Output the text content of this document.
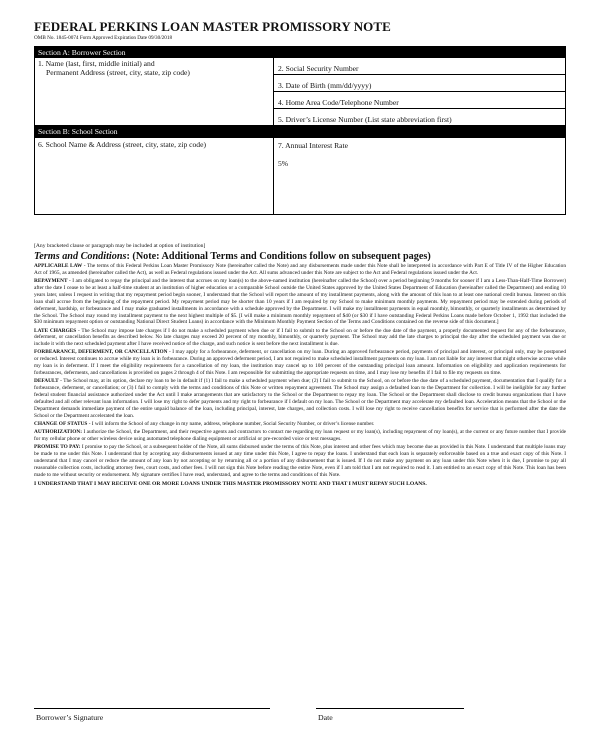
FEDERAL PERKINS LOAN MASTER PROMISSORY NOTE
OMB No. 1845-0074 Form Approved Expiration Date 09/30/2018
Section A: Borrower Section
1. Name (last, first, middle initial) and
Permanent Address (street, city, state, zip code)	2. Social Security Number
3. Date of Birth (mm/dd/yyyy)
4. Home Area Code/Telephone Number
5. Driver’s License Number (List state abbreviation first)
Section B: School Section
6. School Name & Address (street, city, state, zip code)	7. Annual Interest Rate
5%
[Any bracketed clause or paragraph may be included at option of institution]
Terms and Conditions: (Note: Additional Terms and Conditions follow on subsequent pages)
APPLICABLE LAW - The terms of this Federal Perkins Loan Master Promissory Note (hereinafter called the Note) and any disbursements made under this Note shall be interpreted in accordance with Part E of Title IV of the Higher Education Act of 1965, as amended (hereinafter called the Act), as well as Federal regulations issued under the Act. All sums advanced under this Note are subject to the Act and Federal regulations issued under the Act.
REPAYMENT - I am obligated to repay the principal and the interest that accrues on my loan(s) to the above-named institution (hereinafter called the School) over a period beginning 9 months for sooner if I am a Less-Than-Half-Time Borrower) after the date I cease to be at least a half-time student at an institution of higher education or a comparable School outside the United States approved by the United States Department of Education (hereinafter called the Department) and ending 10 years later, unless I request in writing that my repayment period begin sooner, I understand that the School will report the amount of my installment payments, along with the amount of this loan to at least one national credit bureau. Interest on this loan shall accrue from the beginning of the repayment period. My repayment period may be shorter than 10 years if I am required by my School to make minimum monthly payments. My repayment period may be extended during periods of deferment, hardship, or forbearance and I may make graduated installments in accordance with a schedule approved by the Department. I will make my installment payments in equal monthly, bimonthly, or quarterly installments as determined by the School. The School may round my installment payment to the next highest multiple of $5. [I will make a minimum monthly repayment of $40 (or $30 if I have outstanding Federal Perkins Loans made before October 1, 1992 that included the $30 minimum repayment option or outstanding National Direct Student Loans) in accordance with the Minimum Monthly Payment Section of the Terms and Conditions contained on the reverse side of this document.]
LATE CHARGES - The School may impose late charges if I do not make a scheduled payment when due or if I fail to submit to the School on or before the due date of the payment, a properly documented request for any of the forbearance, deferment, or cancellation benefits as described below. No late charges may exceed 20 percent of my monthly, bimonthly, or quarterly payment. The School may add the late charges to principal the day after the scheduled payment was due or include it with the next scheduled payment after I have received notice of the charge, and such notice is sent before the next installment is due.
FORBEARANCE, DEFERMENT, OR CANCELLATION - I may apply for a forbearance, deferment, or cancellation on my loan. During an approved forbearance period, payments of principal and interest, or principal only, may be postponed or reduced. Interest continues to accrue while my loan is in forbearance. During an approved deferment period, I am not required to make scheduled installment payments on my loan. I am not liable for any interest that might otherwise accrue while my loan is in deferment. If I meet the eligibility requirements for a cancellation of my loan, the institution may cancel up to 100 percent of the outstanding principal loan amount. Information on eligibility and application requirements for forbearances, deferments, and cancellations is provided on pages 2 through 4 of this Note. I am responsible for submitting the appropriate requests on time, and I may lose my benefits if I fail to file my requests on time.
DEFAULT - The School may, at its option, declare my loan to be in default if (1) I fail to make a scheduled payment when due; (2) I fail to submit to the School, on or before the due date of a scheduled payment, documentation that I qualify for a forbearance, deferment, or cancellation; or (3) I fail to comply with the terms and conditions of this Note or written repayment agreement. The School may assign a defaulted loan to the Department for collection. I will be ineligible for any further federal student financial assistance authorized under the Act until I make arrangements that are satisfactory to the School or the Department to repay my loan. The School or the Department shall disclose to credit bureau organizations that I have defaulted and all other relevant loan information. I will lose my right to defer payments and my right to forbearance if I default on my loan. The School or the Department may accelerate my defaulted loan. Acceleration means that the School or the Department demands immediate payment of the entire unpaid balance of the loan, including principal, interest, late charges, and collection costs. I will lose my right to receive cancellation benefits for service that is performed after the date the School or the Department accelerated the loan.
CHANGE OF STATUS - I will inform the School of any change in my name, address, telephone number, Social Security Number, or driver’s license number.
AUTHORIZATION: I authorize the School, the Department, and their respective agents and contractors to contact me regarding my loan request or my loan(s), including repayment of my loan(s), at the current or any future number that I provide for my cellular phone or other wireless device using automated telephone dialing equipment or artificial or pre-recorded voice or text messages.
PROMISE TO PAY: I promise to pay the School, or a subsequent holder of the Note, all sums disbursed under the terms of this Note, plus interest and other fees which may become due as provided in this Note. I understand that multiple loans may be made to me under this Note. I understand that by accepting any disbursements issued at any time under this Note, I agree to repay the loans. I understand that each loan is separately enforceable based on a true and exact copy of this Note. I understand that I may cancel or reduce the amount of any loan by not accepting or by returning all or a portion of any disbursement that is issued. If I do not make any payment on any loan under this Note when it is due, I promise to pay all reasonable collection costs, including attorney fees, court costs, and other fees. I will not sign this Note before reading the entire Note, even if I am told that I am not required to read it. I am entitled to an exact copy of this Note. This loan has been made to me without security or endorsement. My signature certifies I have read, understand, and agree to the terms and conditions of this Note.
I UNDERSTAND THAT I MAY RECEIVE ONE OR MORE LOANS UNDER THIS MASTER PROMISSORY NOTE AND THAT I MUST REPAY SUCH LOANS.
Borrower’s Signature	Date
